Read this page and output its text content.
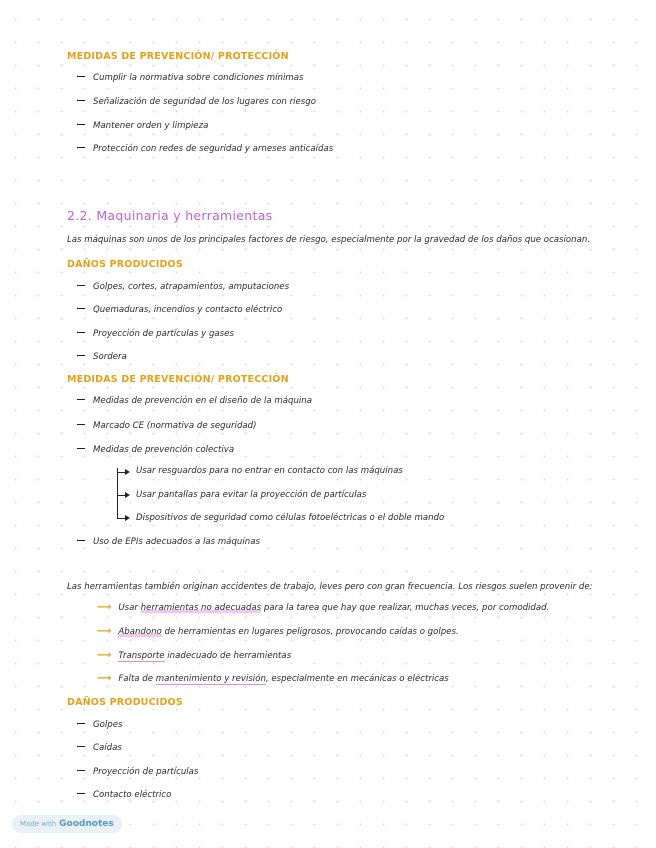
MEDIDAS DE PREVENCIÓN/ PROTECCIÓN
Cumplir la normativa sobre condiciones mínimas
Señalización de seguridad de los lugares con riesgo
Mantener orden y limpieza
Protección con redes de seguridad y arneses anticaídas
2.2. Maquinaria y herramientas
Las máquinas son unos de los principales factores de riesgo, especialmente por la gravedad de los daños que ocasionan.
DAÑOS PRODUCIDOS
Golpes, cortes, atrapamientos, amputaciones
Quemaduras, incendios y contacto eléctrico
Proyección de partículas y gases
Sordera
MEDIDAS DE PREVENCIÓN/ PROTECCIÓN
Medidas de prevención en el diseño de la máquina
Marcado CE (normativa de seguridad)
Medidas de prevención colectiva
Usar resguardos para no entrar en contacto con las máquinas
Usar pantallas para evitar la proyección de partículas
Dispositivos de seguridad como células fotoeléctricas o el doble mando
Uso de EPIs adecuados a las máquinas
Las herramientas también originan accidentes de trabajo, leves pero con gran frecuencia. Los riesgos suelen provenir de:
⟶ Usar herramientas no adecuadas para la tarea que hay que realizar, muchas veces, por comodidad.
⟶ Abandono de herramientas en lugares peligrosos, provocando caídas o golpes.
⟶ Transporte inadecuado de herramientas
⟶ Falta de mantenimiento y revisión, especialmente en mecánicas o eléctricas
DAÑOS PRODUCIDOS
Golpes
Caídas
Proyección de partículas
Contacto eléctrico
Made with Goodnotes
